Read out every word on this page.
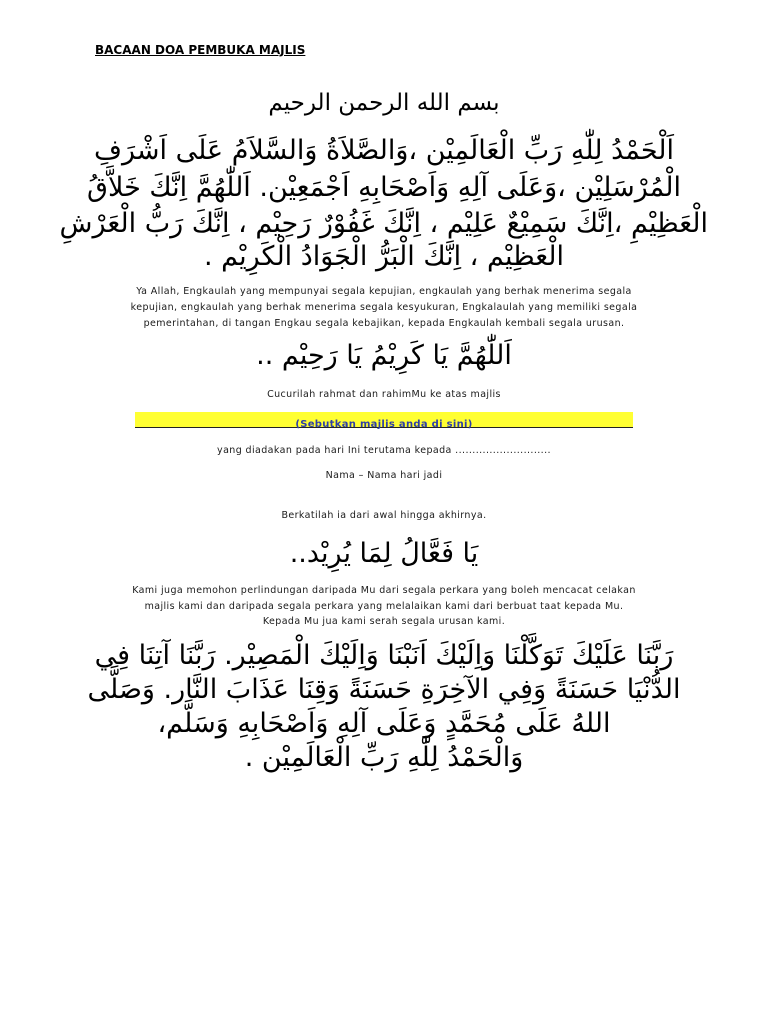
BACAAN DOA PEMBUKA MAJLIS
بسم الله الرحمن الرحيم
اَلْحَمْدُ لِلّٰهِ رَبِّ الْعَالَمِيْن ،وَالصَّلاَةُ وَالسَّلاَمُ عَلَى اَشْرَفِ
الْمُرْسَلِيْن ،وَعَلَى آلِهِ وَاَصْحَابِهِ اَجْمَعِيْن. اَللّٰهُمَّ اِنَّكَ خَلاَّقُ
الْعَظِيْمِ ،اِنَّكَ سَمِيْعٌ عَلِيْم ، اِنَّكَ غَفُوْرٌ رَحِيْم ، اِنَّكَ رَبُّ الْعَرْشِ
الْعَظِيْم ، اِنَّكَ الْبَرُّ الْجَوَادُ الْكَرِيْم .
Ya Allah, Engkaulah yang mempunyai segala kepujian, engkaulah yang berhak menerima segala
kepujian, engkaulah yang berhak menerima segala kesyukuran, Engkalaulah yang memiliki segala
pemerintahan, di tangan Engkau segala kebajikan, kepada Engkaulah kembali segala urusan.
اَللّٰهُمَّ يَا كَرِيْمُ يَا رَحِيْم ..
Cucurilah rahmat dan rahimMu ke atas majlis
(Sebutkan majlis anda di sini)
yang diadakan pada hari Ini terutama kepada ............................
Nama – Nama hari jadi
Berkatilah ia dari awal hingga akhirnya.
يَا فَعَّالُ لِمَا يُرِيْد..
Kami juga memohon perlindungan daripada Mu dari segala perkara yang boleh mencacat celakan
majlis kami dan daripada segala perkara yang melalaikan kami dari berbuat taat kepada Mu.
Kepada Mu jua kami serah segala urusan kami.
رَبَّنَا عَلَيْكَ تَوَكَّلْنَا وَاِلَيْكَ اَنَبْنَا وَاِلَيْكَ الْمَصِيْر. رَبَّنَا آتِنَا فِي
الدُّنْيَا حَسَنَةً وَفِي الآخِرَةِ حَسَنَةً وَقِنَا عَذَابَ النَّار. وَصَلَّى
اللهُ عَلَى مُحَمَّدٍ وَعَلَى آلِهِ وَاَصْحَابِهِ وَسَلَّم،
وَالْحَمْدُ لِلّٰهِ رَبِّ الْعَالَمِيْن .
